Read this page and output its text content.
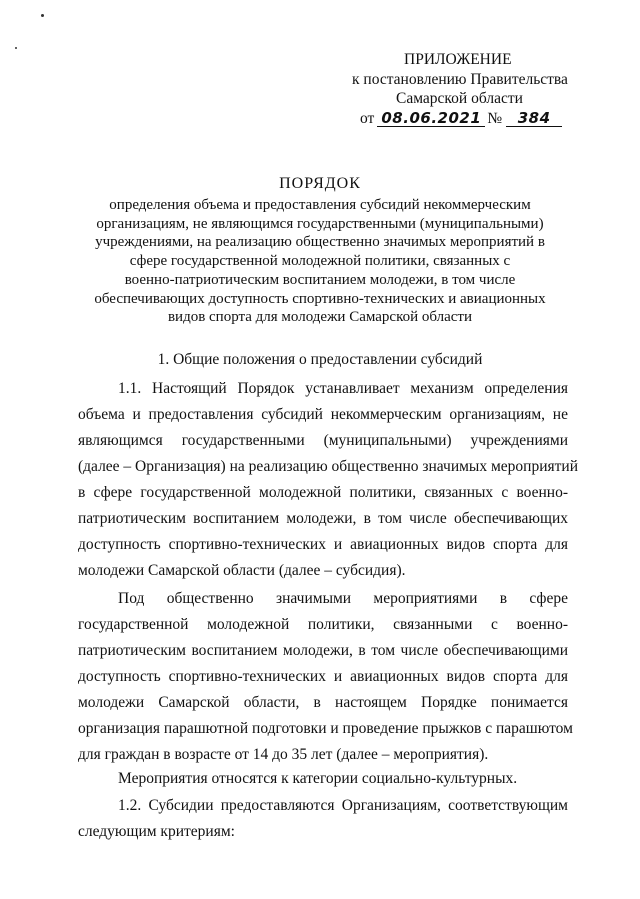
ПРИЛОЖЕНИЕ
к постановлению Правительства
Самарской области
от 08.06.2021 №	384
ПОРЯДОК
определения объема и предоставления субсидий некоммерческим
организациям, не являющимся государственными (муниципальными)
учреждениями, на реализацию общественно значимых мероприятий в
сфере государственной молодежной политики, связанных с
военно-патриотическим воспитанием молодежи, в том числе
обеспечивающих доступность спортивно-технических и авиационных
видов спорта для молодежи Самарской области
1. Общие положения о предоставлении субсидий
1.1. Настоящий Порядок устанавливает механизм определения
объема и предоставления субсидий некоммерческим организациям, не
являющимся государственными (муниципальными) учреждениями
(далее – Организация) на реализацию общественно значимых мероприятий
в сфере государственной молодежной политики, связанных с военно-
патриотическим воспитанием молодежи, в том числе обеспечивающих
доступность спортивно-технических и авиационных видов спорта для
молодежи Самарской области (далее – субсидия).
Под общественно значимыми мероприятиями в сфере
государственной молодежной политики, связанными с военно-
патриотическим воспитанием молодежи, в том числе обеспечивающими
доступность спортивно-технических и авиационных видов спорта для
молодежи Самарской области, в настоящем Порядке понимается
организация парашютной подготовки и проведение прыжков с парашютом
для граждан в возрасте от 14 до 35 лет (далее – мероприятия).
Мероприятия относятся к категории социально-культурных.
1.2. Субсидии предоставляются Организациям, соответствующим
следующим критериям:
